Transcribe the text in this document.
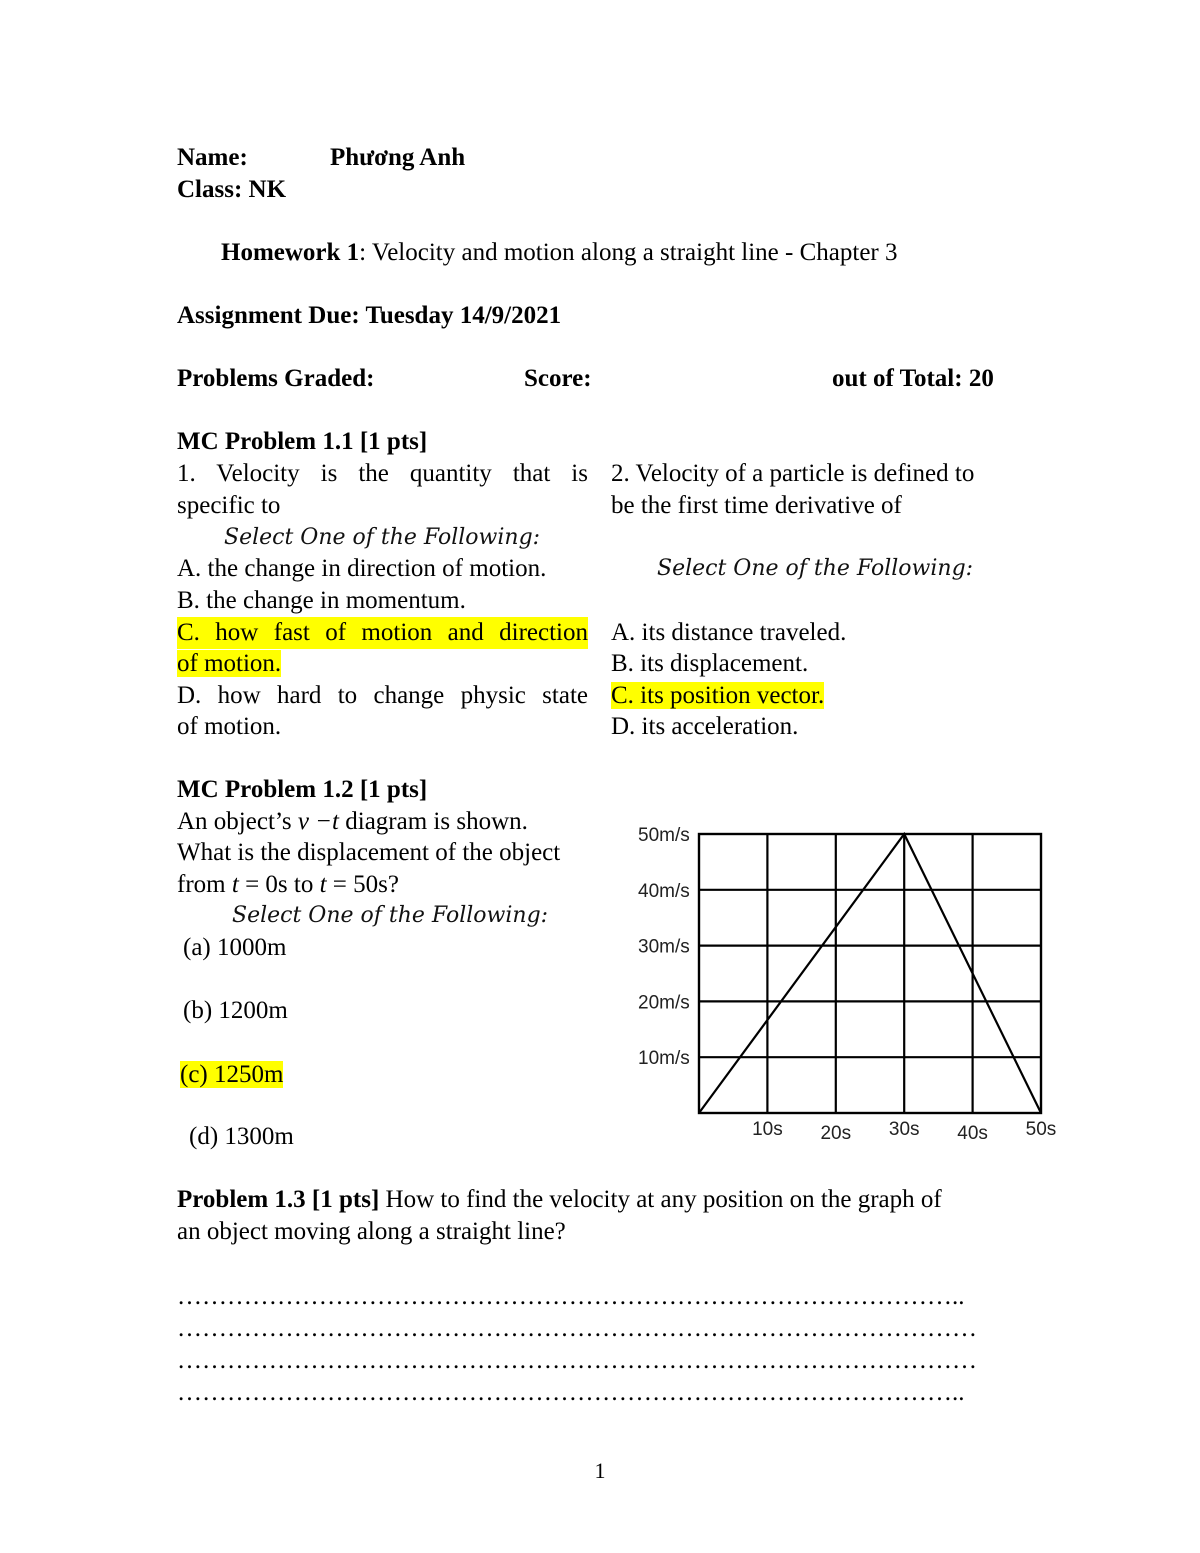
Name:	Phương Anh
Class: NK
Homework 1: Velocity and motion along a straight line - Chapter 3
Assignment Due: Tuesday 14/9/2021
Problems Graded:	Score:	out of Total: 20
MC Problem 1.1 [1 pts]
1. Velocity is the quantity that is
specific to
Select One of the Following:
A. the change in direction of motion.
B. the change in momentum.
C. how fast of motion and direction
of motion.
D. how hard to change physic state
of motion.
2. Velocity of a particle is defined to
be the first time derivative of
Select One of the Following:
A. its distance traveled.
B. its displacement.
C. its position vector.
D. its acceleration.
MC Problem 1.2 [1 pts]
An object’s v −t diagram is shown.
What is the displacement of the object
from t = 0s to t = 50s?
Select One of the Following:
(a) 1000m
(b) 1200m
(c) 1250m
(d) 1300m
10m/s
20m/s
30m/s
40m/s
50m/s
10s 20s 30s 40s 50s
Problem 1.3 [1 pts] How to find the velocity at any position on the graph of
an object moving along a straight line?
…………………………………………………………………………………..
……………………………………………………………………………………
……………………………………………………………………………………
…………………………………………………………………………………..
1
